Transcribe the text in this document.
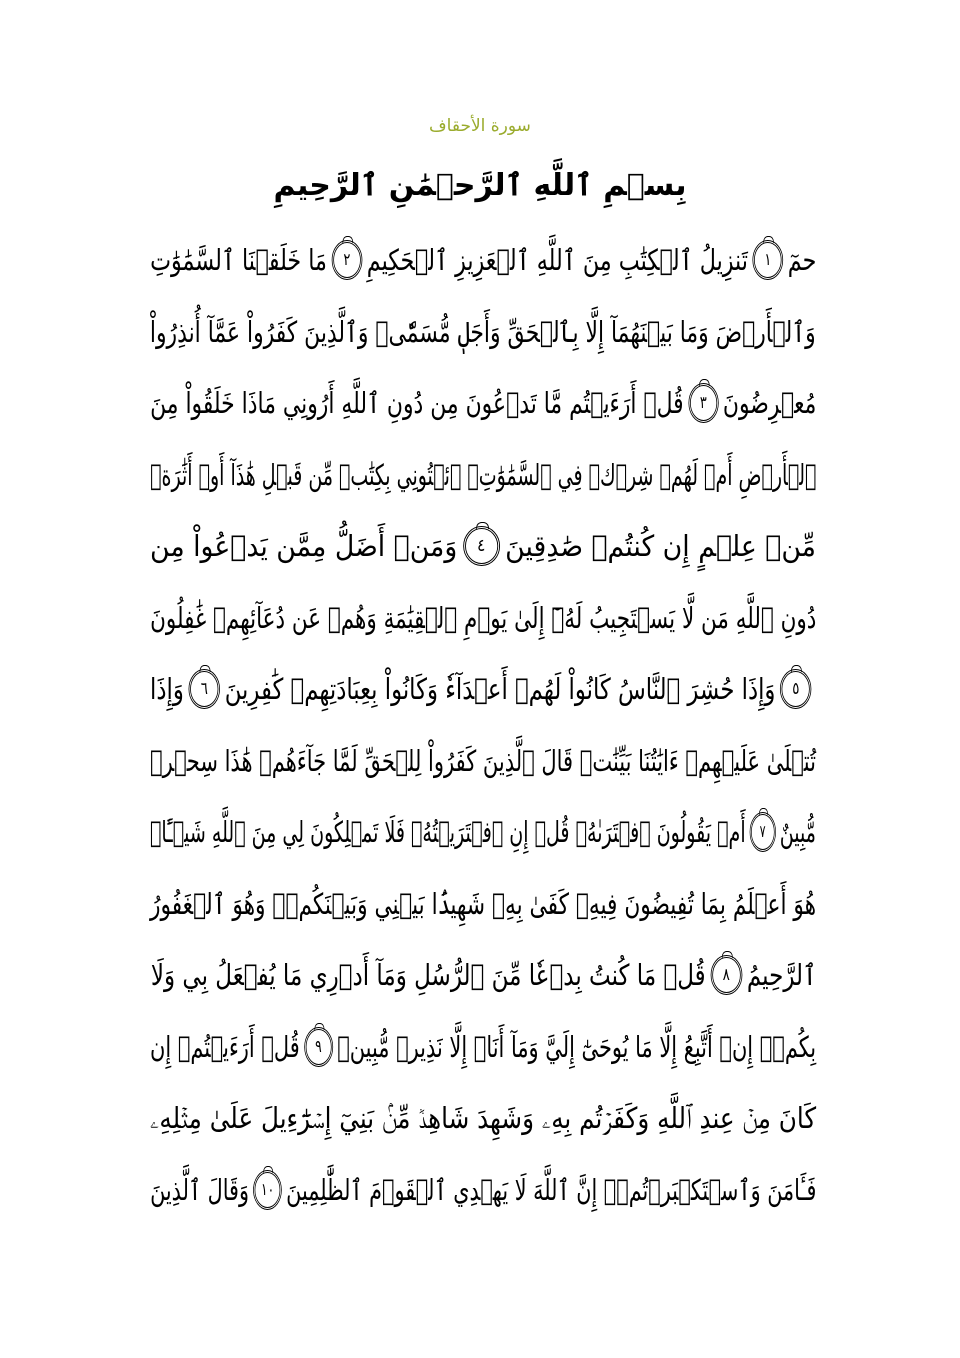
سورة الأحقاف
بِسۡمِ ٱللَّهِ ٱلرَّحۡمَٰنِ ٱلرَّحِيمِ
حمٓ
١
تَنزِيلُ ٱلۡكِتَٰبِ مِنَ ٱللَّهِ ٱلۡعَزِيزِ ٱلۡحَكِيمِ
٢
مَا خَلَقۡنَا ٱلسَّمَٰوَٰتِ
وَٱلۡأَرۡضَ وَمَا بَيۡنَهُمَآ إِلَّا بِٱلۡحَقِّ وَأَجَلٖ مُّسَمّٗىۚ وَٱلَّذِينَ كَفَرُواْ عَمَّآ أُنذِرُواْ
مُعۡرِضُونَ
٣
قُلۡ أَرَءَيۡتُم مَّا تَدۡعُونَ مِن دُونِ ٱللَّهِ أَرُونِي مَاذَا خَلَقُواْ مِنَ
ٱلۡأَرۡضِ أَمۡ لَهُمۡ شِرۡكٞ فِي ٱلسَّمَٰوَٰتِۖ ٱئۡتُونِي بِكِتَٰبٖ مِّن قَبۡلِ هَٰذَآ أَوۡ أَثَٰرَةٖ
مِّنۡ عِلۡمٍ إِن كُنتُمۡ صَٰدِقِينَ
٤
وَمَنۡ أَضَلُّ مِمَّن يَدۡعُواْ مِن
دُونِ ٱللَّهِ مَن لَّا يَسۡتَجِيبُ لَهُۥٓ إِلَىٰ يَوۡمِ ٱلۡقِيَٰمَةِ وَهُمۡ عَن دُعَآئِهِمۡ غَٰفِلُونَ
٥
وَإِذَا حُشِرَ ٱلنَّاسُ كَانُواْ لَهُمۡ أَعۡدَآءٗ وَكَانُواْ بِعِبَادَتِهِمۡ كَٰفِرِينَ
٦
وَإِذَا
تُتۡلَىٰ عَلَيۡهِمۡ ءَايَٰتُنَا بَيِّنَٰتٖ قَالَ ٱلَّذِينَ كَفَرُواْ لِلۡحَقِّ لَمَّا جَآءَهُمۡ هَٰذَا سِحۡرٞ
مُّبِينٌ
٧
أَمۡ يَقُولُونَ ٱفۡتَرَىٰهُۖ قُلۡ إِنِ ٱفۡتَرَيۡتُهُۥ فَلَا تَمۡلِكُونَ لِي مِنَ ٱللَّهِ شَيۡـًٔاۖ
هُوَ أَعۡلَمُ بِمَا تُفِيضُونَ فِيهِۚ كَفَىٰ بِهِۦ شَهِيدَۢا بَيۡنِي وَبَيۡنَكُمۡۖ وَهُوَ ٱلۡغَفُورُ
ٱلرَّحِيمُ
٨
قُلۡ مَا كُنتُ بِدۡعٗا مِّنَ ٱلرُّسُلِ وَمَآ أَدۡرِي مَا يُفۡعَلُ بِي وَلَا
بِكُمۡۖ إِنۡ أَتَّبِعُ إِلَّا مَا يُوحَىٰٓ إِلَيَّ وَمَآ أَنَا۠ إِلَّا نَذِيرٞ مُّبِينٞ
٩
قُلۡ أَرَءَيۡتُمۡ إِن
كَانَ مِنۡ عِندِ ٱللَّهِ وَكَفَرۡتُم بِهِۦ وَشَهِدَ شَاهِدٞ مِّنۢ بَنِيٓ إِسۡرَٰٓءِيلَ عَلَىٰ مِثۡلِهِۦ
فَـَٔامَنَ وَٱسۡتَكۡبَرۡتُمۡۖ إِنَّ ٱللَّهَ لَا يَهۡدِي ٱلۡقَوۡمَ ٱلظَّٰلِمِينَ
١٠
وَقَالَ ٱلَّذِينَ
